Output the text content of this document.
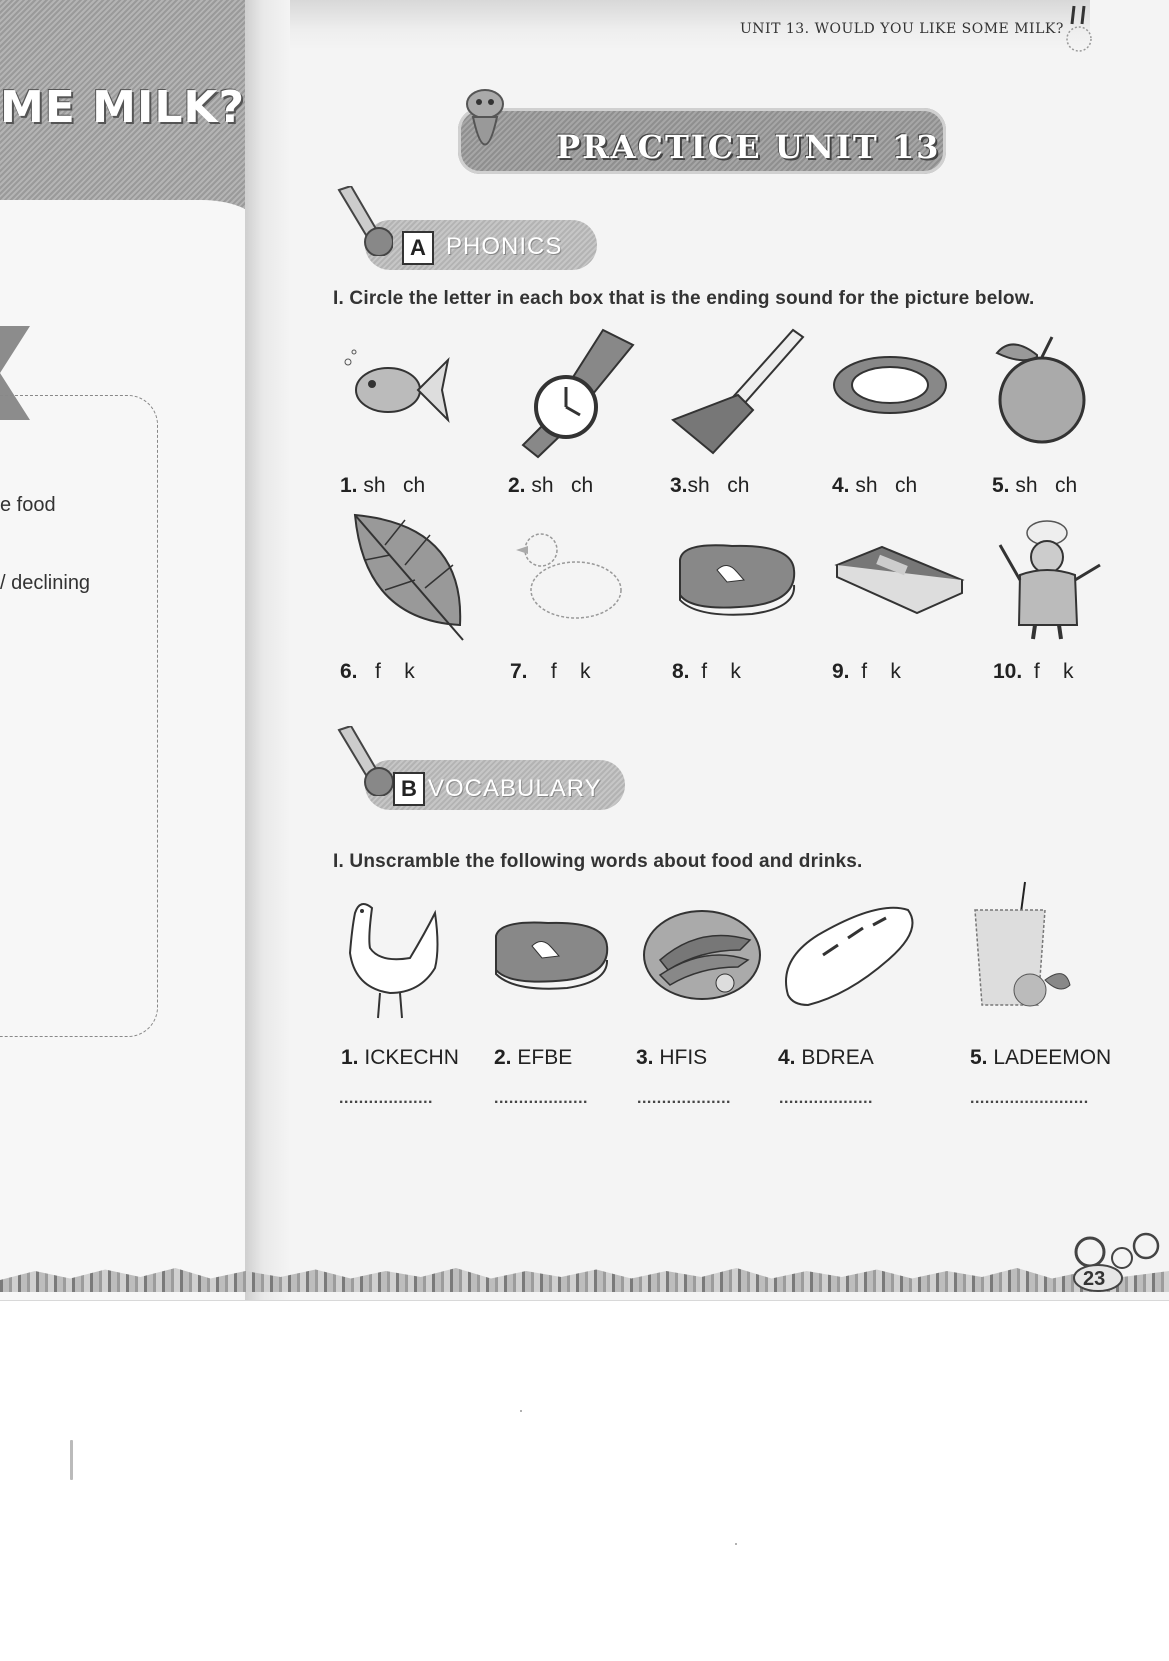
ME MILK?
e food
/ declining
UNIT 13. WOULD YOU LIKE SOME MILK?
PRACTICE UNIT 13
A PHONICS
I. Circle the letter in each box that is the ending sound for the picture below.
1. sh   ch	2. sh   ch	3.sh   ch	4. sh   ch	5. sh   ch
6. f    k	7. f    k	8. f    k	9. f    k	10. f    k
B VOCABULARY
I. Unscramble the following words about food and drinks.
1. ICKECHN 2. EFBE	3. HFIS	4. BDREA	5. LADEEMON
...................	...................	...................	...................	........................
23
